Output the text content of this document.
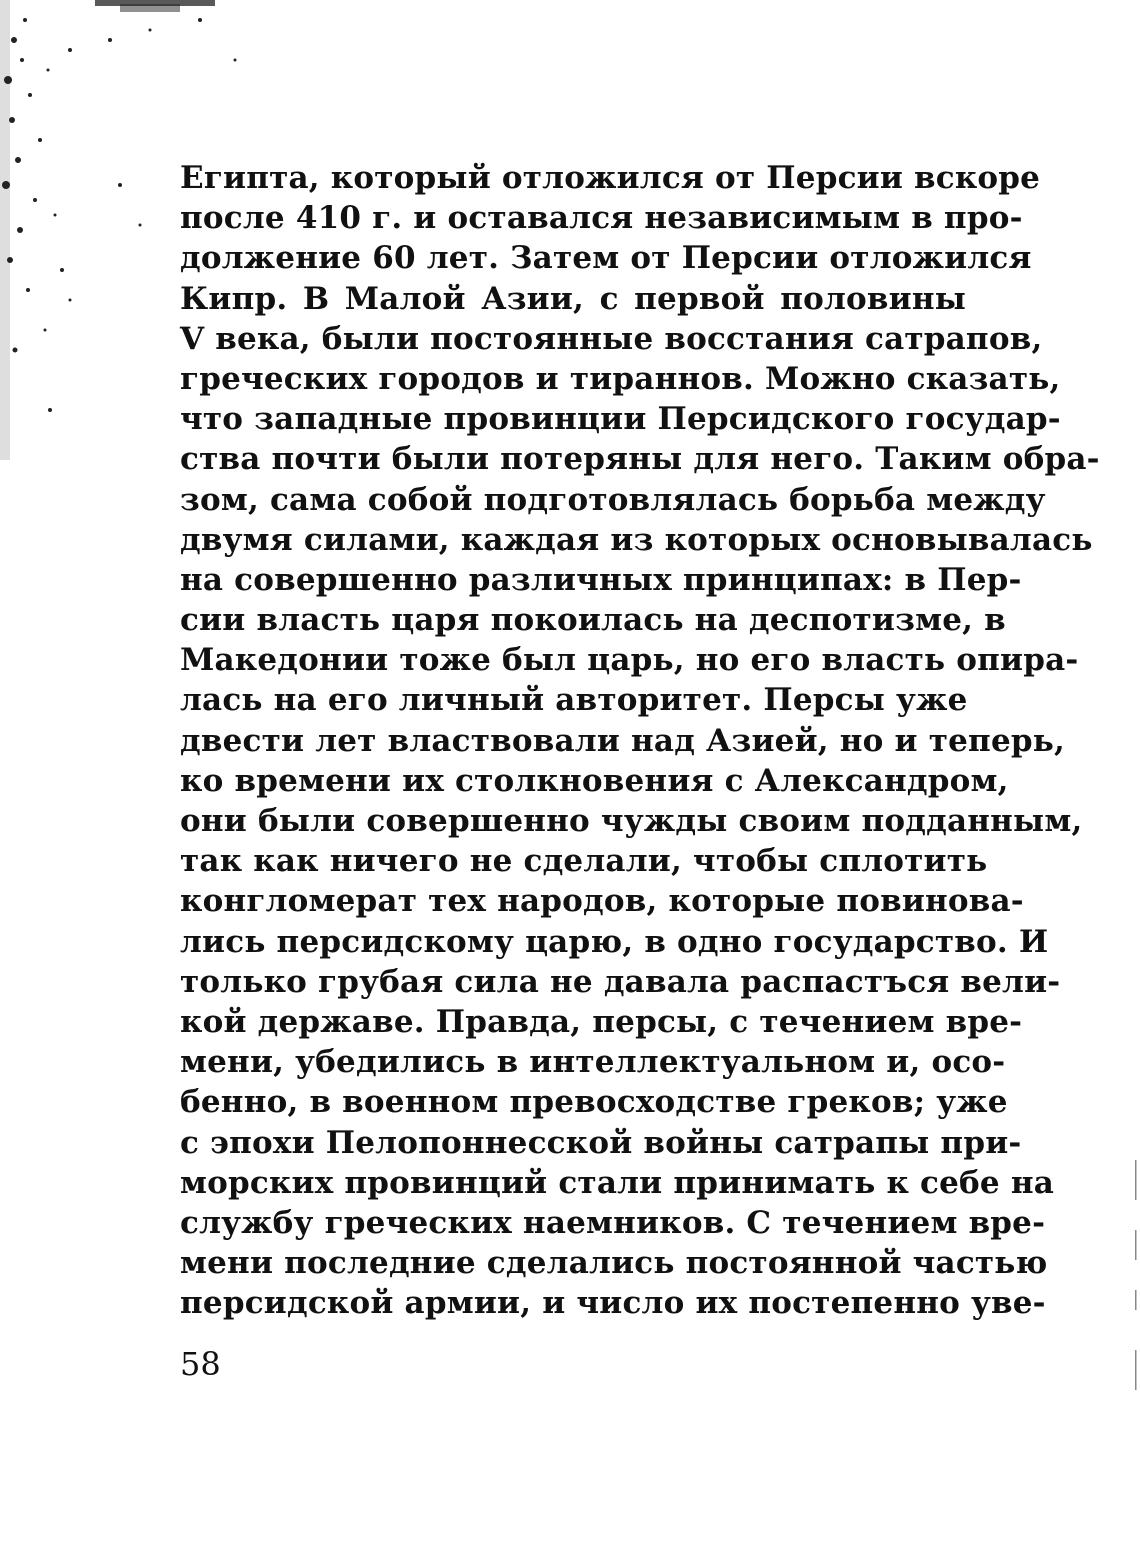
Египта, который отложился от Персии вскоре
после 410 г. и оставался независимым в про-
должение 60 лет. Затем от Персии отложился
Кипр. В Малой Азии, с первой половины
V века, были постоянные восстания сатрапов,
греческих городов и тираннов. Можно сказать,
что западные провинции Персидского государ-
ства почти были потеряны для него. Таким обра-
зом, сама собой подготовлялась борьба между
двумя силами, каждая из которых основывалась
на совершенно различных принципах: в Пер-
сии власть царя покоилась на деспотизме, в
Македонии тоже был царь, но его власть опира-
лась на его личный авторитет. Персы уже
двести лет властвовали над Азией, но и теперь,
ко времени их столкновения с Александром,
они были совершенно чужды своим подданным,
так как ничего не сделали, чтобы сплотить
конгломерат тех народов, которые повинова-
лись персидскому царю, в одно государство. И
только грубая сила не давала распастъся вели-
кой державе. Правда, персы, с течением вре-
мени, убедились в интеллектуальном и, осо-
бенно, в военном превосходстве греков; уже
с эпохи Пелопоннесской войны сатрапы при-
морских провинций стали принимать к себе на
службу греческих наемников. С течением вре-
мени последние сделались постоянной частью
персидской армии, и число их постепенно уве-
58
